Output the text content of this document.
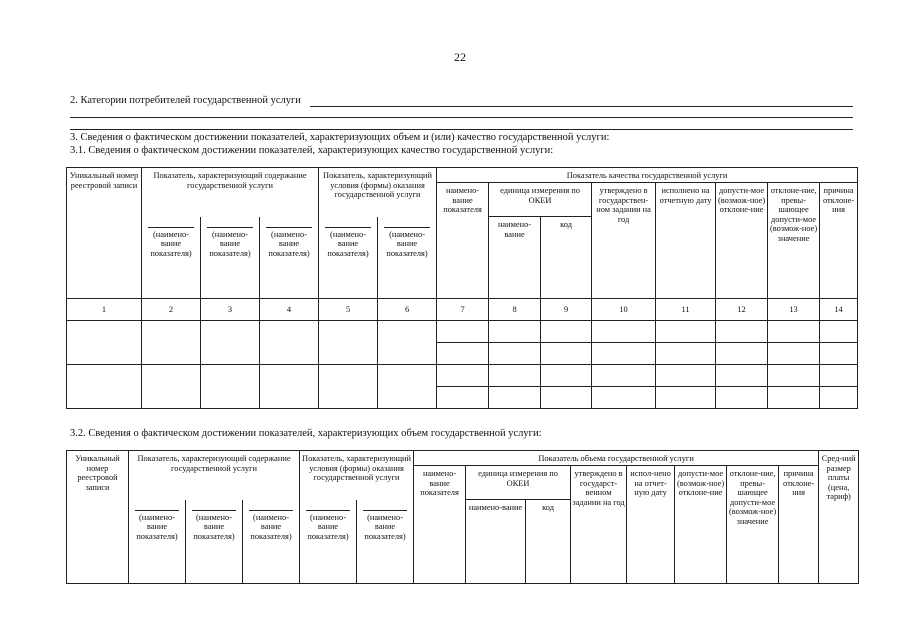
22
2. Категории потребителей государственной услуги
3. Сведения о фактическом достижении показателей, характеризующих объем и (или) качество государственной услуги:
3.1. Сведения о фактическом достижении показателей, характеризующих качество государственной услуги:
Уникальный номер реестровой записи	Показатель, характеризующий содержание государственной услуги			Показатель, характеризующий условия (формы) оказания государственной услуги		Показатель качества государственной услуги							

						наимено-вание показателя	единица измерения по ОКЕИ		утверждено в государствен-ном задании на год	исполнено на отчетную дату	допусти-мое (возмож-ное) отклоне-ние	отклоне-ние, превы-шающее допусти-мое (возмож-ное) значение	причина отклоне-ния

	(наимено-вание показателя)	(наимено-вание показателя)	(наимено-вание показателя)	(наимено-вание показателя)	(наимено-вание показателя)		наимено-вание	код					

1	2	3	4	5	6	7	8	9	10	11	12	13	14

3.2. Сведения о фактическом достижении показателей, характеризующих объем государственной услуги:
Уникальный номер реестровой записи	Показатель, характеризующий содержание государственной услуги			Показатель, характеризующий условия (формы) оказания государственной услуги		Показатель объема государственной услуги								Сред-ний размер платы (цена, тариф)

						наимено-вание показателя	единица измерения по ОКЕИ		утверждено в государст-венном задании на год	испол-нено на отчет-ную дату	допусти-мое (возмож-ное) отклоне-ние	отклоне-ние, превы-шающее допусти-мое (возмож-ное) значение	причина отклоне-ния	

	(наимено-вание показателя)	(наимено-вание показателя)	(наимено-вание показателя)	(наимено-вание показателя)	(наимено-вание показателя)		наимено-вание	код						
